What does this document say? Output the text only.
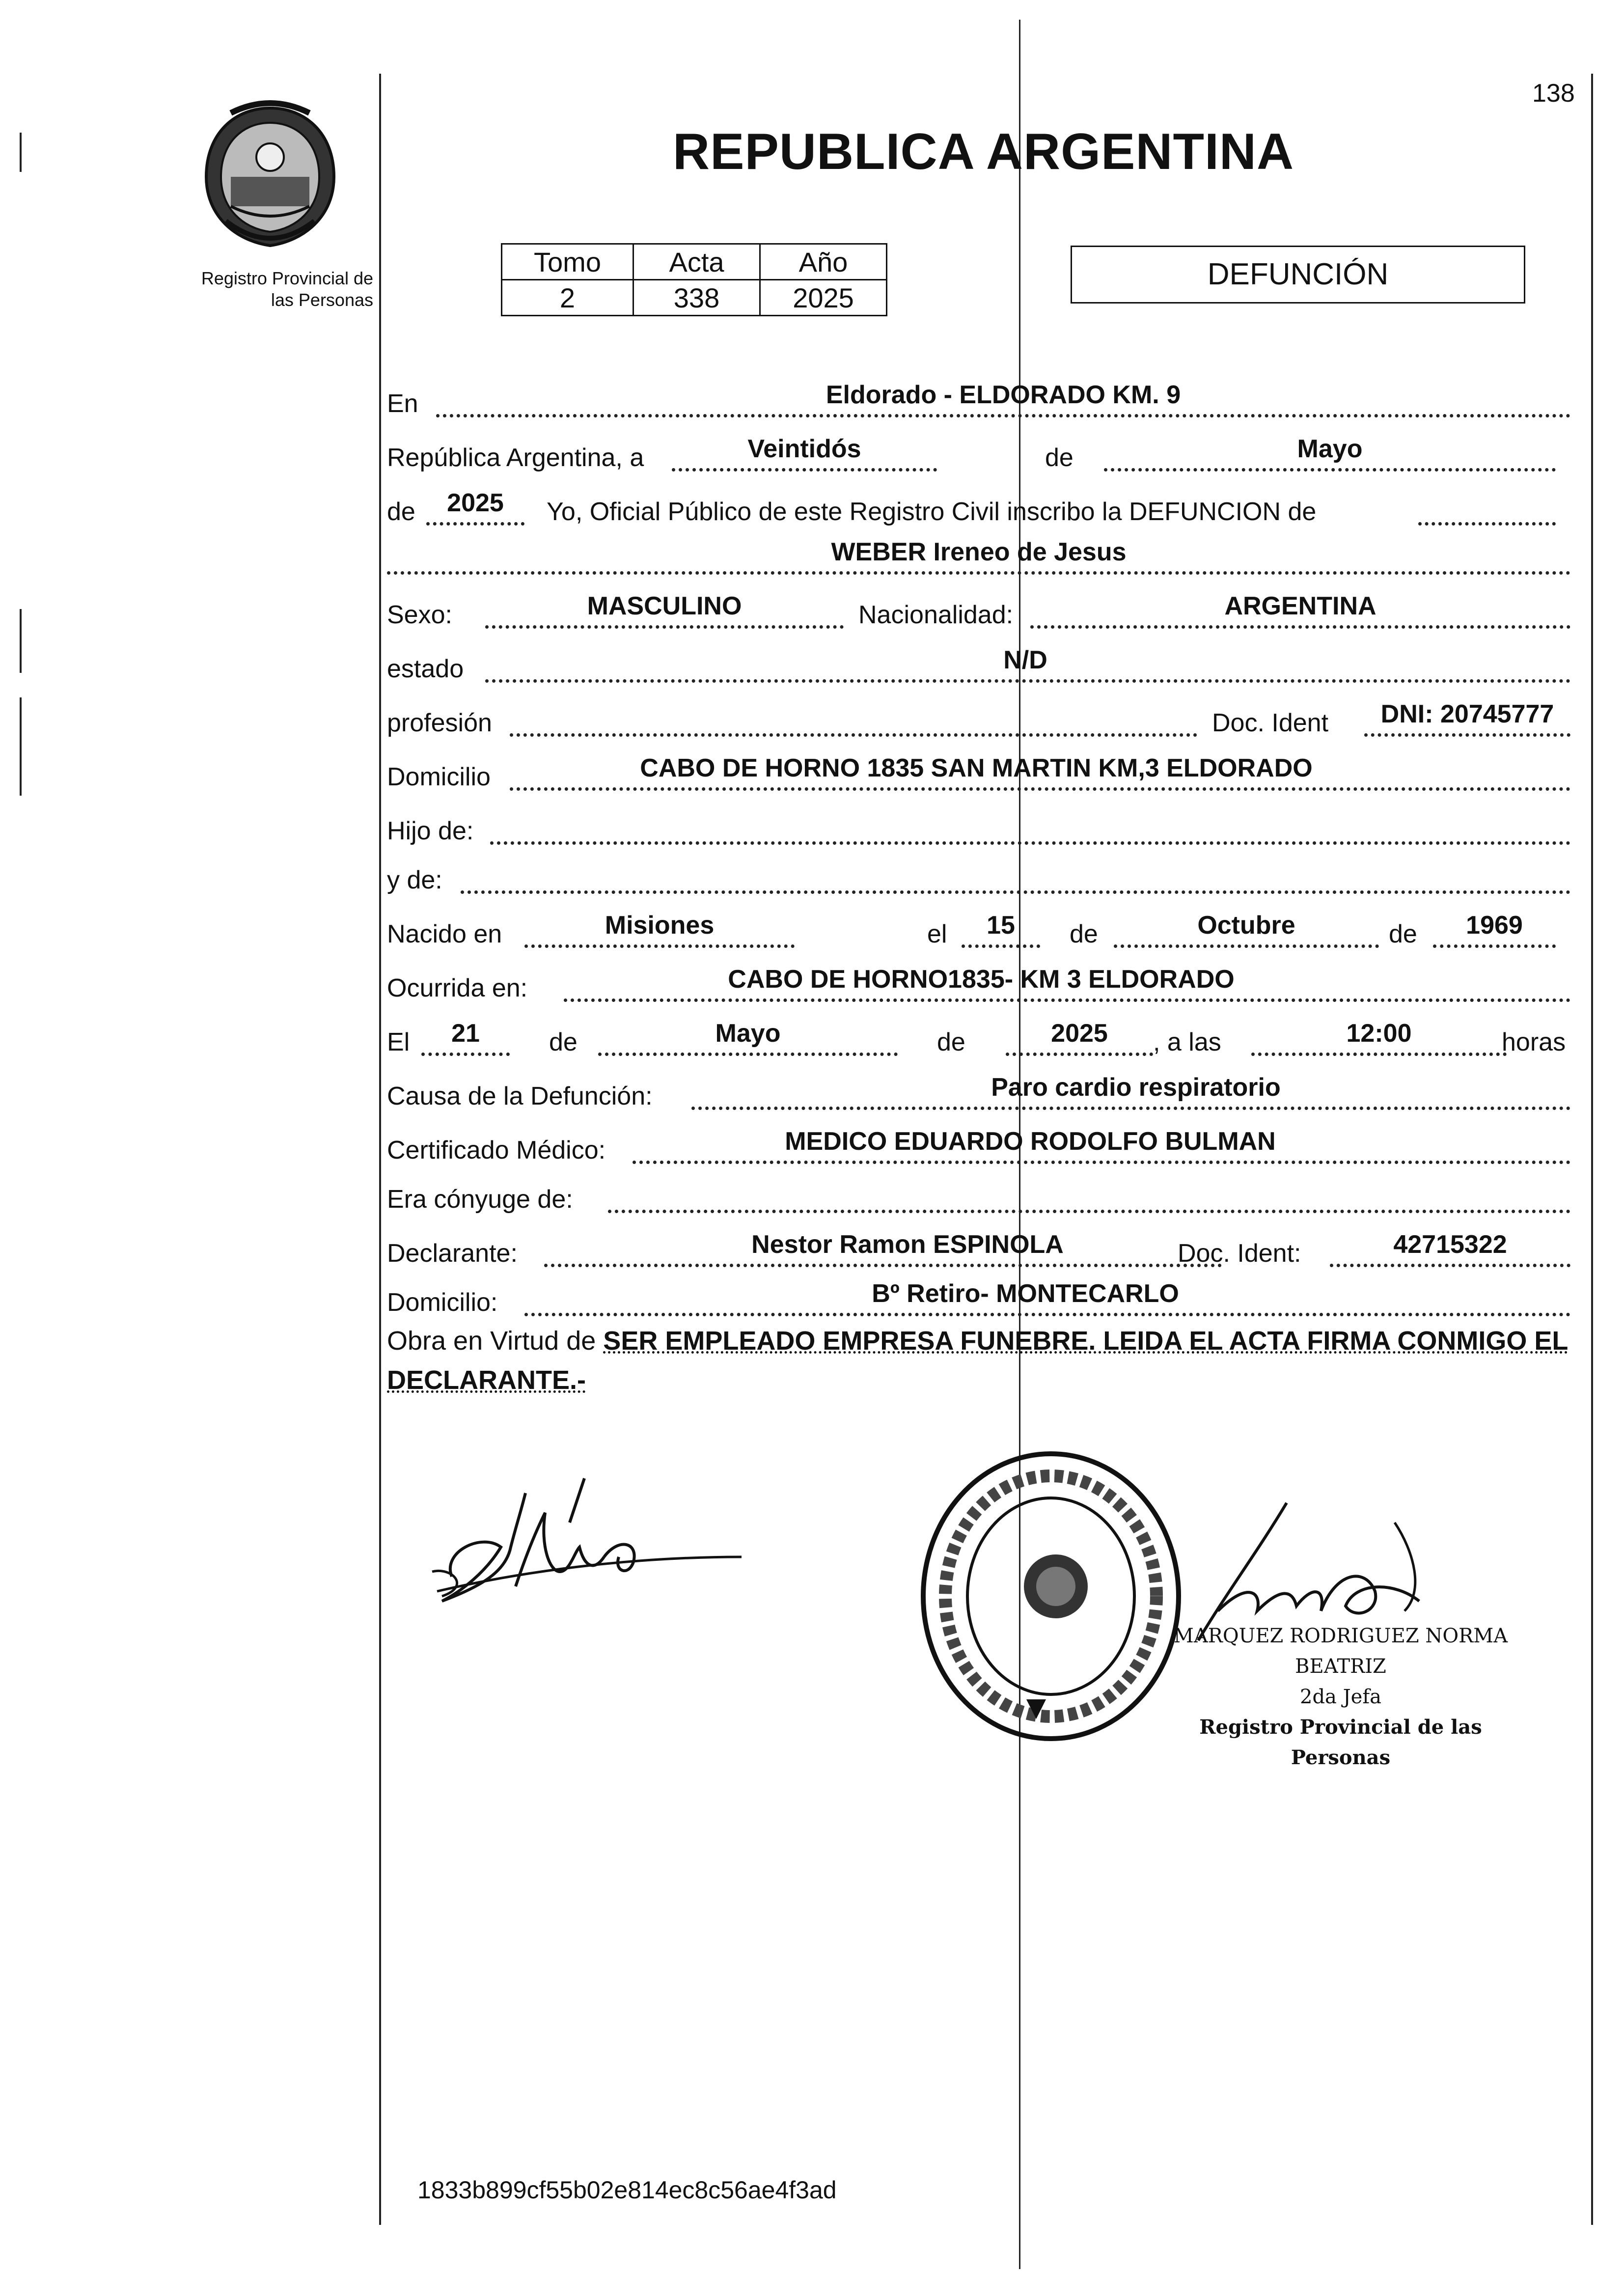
138
Registro Provincial de
las Personas
REPUBLICA ARGENTINA
Tomo	Acta	Año
2	338	2025
DEFUNCIÓN
En	Eldorado - ELDORADO KM. 9
República Argentina, a	Veintidós	de	Mayo
de	2025	Yo, Oficial Público de este Registro Civil inscribo la DEFUNCION de
WEBER Ireneo de Jesus
Sexo:	MASCULINO	Nacionalidad:	ARGENTINA
estado	N/D
profesión	Doc. Ident	DNI: 20745777
Domicilio	CABO DE HORNO 1835 SAN MARTIN KM,3 ELDORADO
Hijo de:
y de:
Nacido en	Misiones	el	15	de	Octubre	de	1969
Ocurrida en:	CABO DE HORNO1835- KM 3 ELDORADO
El	21	de	Mayo	de	2025	, a las	12:00	horas
Causa de la Defunción:	Paro cardio respiratorio
Certificado Médico:	MEDICO EDUARDO RODOLFO BULMAN
Era cónyuge de:
Declarante:	Nestor Ramon ESPINOLA	Doc. Ident:	42715322
Domicilio:	Bº Retiro- MONTECARLO
Obra en Virtud de SER EMPLEADO EMPRESA FUNEBRE. LEIDA EL ACTA FIRMA CONMIGO EL DECLARANTE.-
MARQUEZ RODRIGUEZ NORMA BEATRIZ
2da Jefa
Registro Provincial de las Personas
1833b899cf55b02e814ec8c56ae4f3ad
